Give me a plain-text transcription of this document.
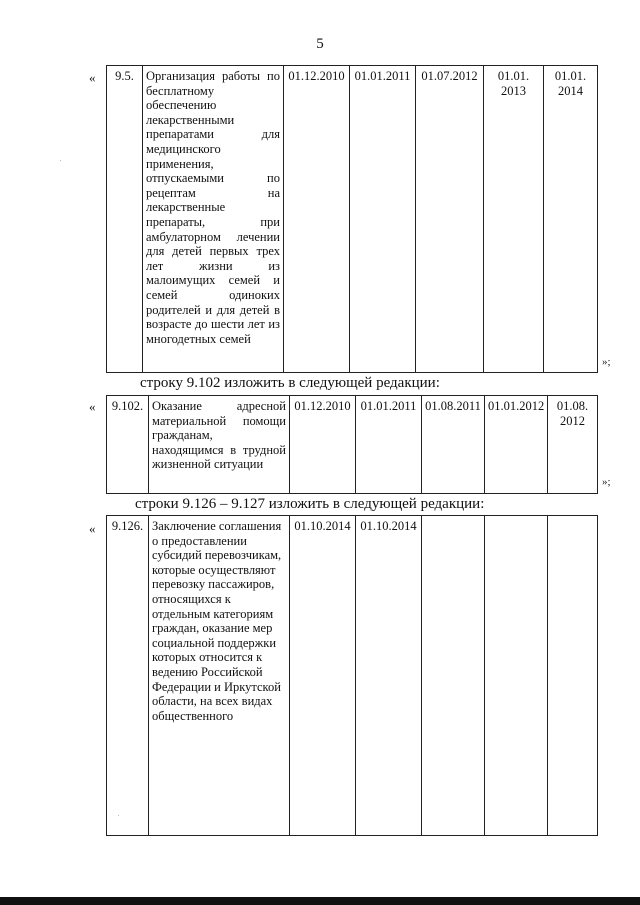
5
« 9.5.	Организация работы по бесплатному обеспечению лекарственными препаратами для медицинского применения, отпускаемыми по рецептам на лекарственные препараты, при амбулаторном лечении для детей первых трех лет жизни из малоимущих семей и семей одиноких родителей и для детей в возрасте до шести лет из многодетных семей	01.12.2010	01.01.2011	01.07.2012	01.01. 2013	01.01. 2014
»;
строку 9.102 изложить в следующей редакции:
« 9.102.	Оказание адресной материальной помощи гражданам, находящимся в трудной жизненной ситуации	01.12.2010	01.01.2011	01.08.2011	01.01.2012	01.08. 2012
»;
строки 9.126 – 9.127 изложить в следующей редакции:
« 9.126.	Заключение соглашения о предоставлении субсидий перевозчикам, которые осуществляют перевозку пассажиров, относящихся к отдельным категориям граждан, оказание мер социальной поддержки которых относится к ведению Российской Федерации и Иркутской области, на всех видах общественного	01.10.2014	01.10.2014			
